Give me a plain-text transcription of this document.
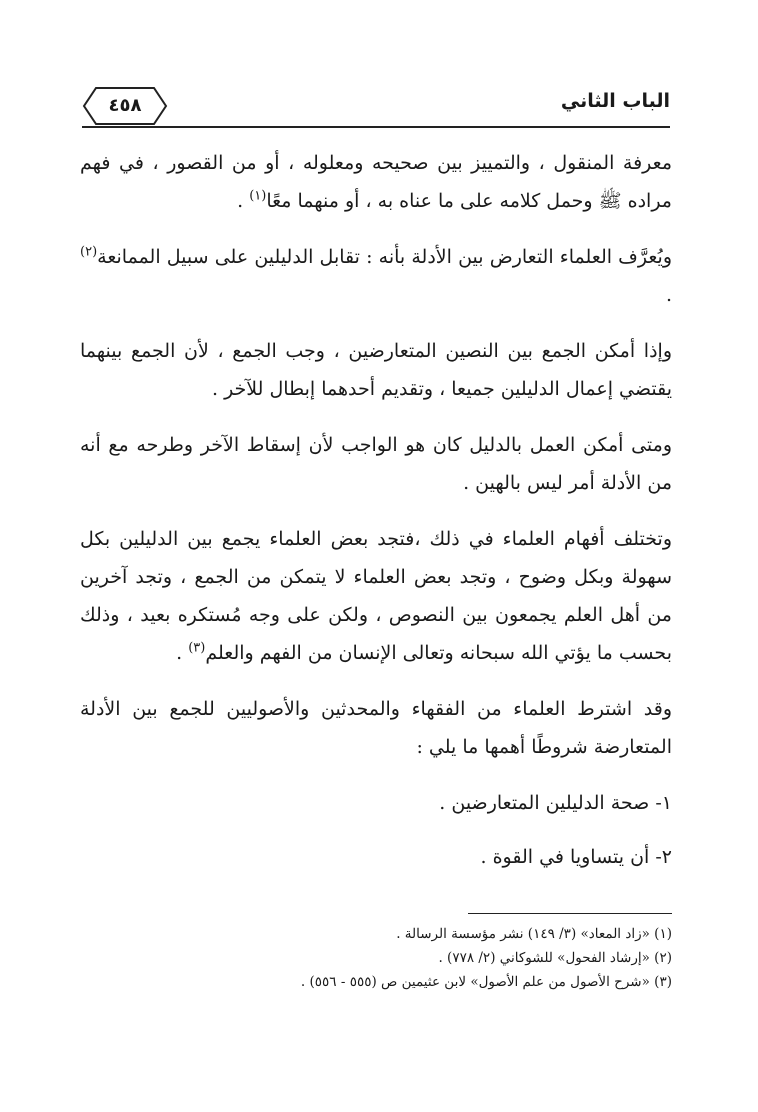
الباب الثاني
٤٥٨

معرفة المنقول ، والتمييز بين صحيحه ومعلوله ، أو من القصور ، في فهم مراده ﷺ وحمل كلامه على ما عناه به ، أو منهما معًا$^{(١)}$ .

ويُعرَّف العلماء التعارض بين الأدلة بأنه : تقابل الدليلين على سبيل الممانعة$^{(٢)}$ .

وإذا أمكن الجمع بين النصين المتعارضين ، وجب الجمع ، لأن الجمع بينهما يقتضي إعمال الدليلين جميعا ، وتقديم أحدهما إبطال للآخر .

ومتى أمكن العمل بالدليل كان هو الواجب لأن إسقاط الآخر وطرحه مع أنه من الأدلة أمر ليس بالهين .

وتختلف أفهام العلماء في ذلك ،فتجد بعض العلماء يجمع بين الدليلين بكل سهولة وبكل وضوح ، وتجد بعض العلماء لا يتمكن من الجمع ، وتجد آخرين من أهل العلم يجمعون بين النصوص ، ولكن على وجه مُستكره بعيد ، وذلك بحسب ما يؤتي الله سبحانه وتعالى الإنسان من الفهم والعلم$^{(٣)}$ .

وقد اشترط العلماء من الفقهاء والمحدثين والأصوليين للجمع بين الأدلة المتعارضة شروطًا أهمها ما يلي :

١- صحة الدليلين المتعارضين .

٢- أن يتساويا في القوة .

(١) «زاد المعاد» (٣/ ١٤٩) نشر مؤسسة الرسالة .

(٢) «إرشاد الفحول» للشوكاني (٢/ ٧٧٨) .

(٣) «شرح الأصول من علم الأصول» لابن عثيمين ص (٥٥٥ - ٥٥٦) .
